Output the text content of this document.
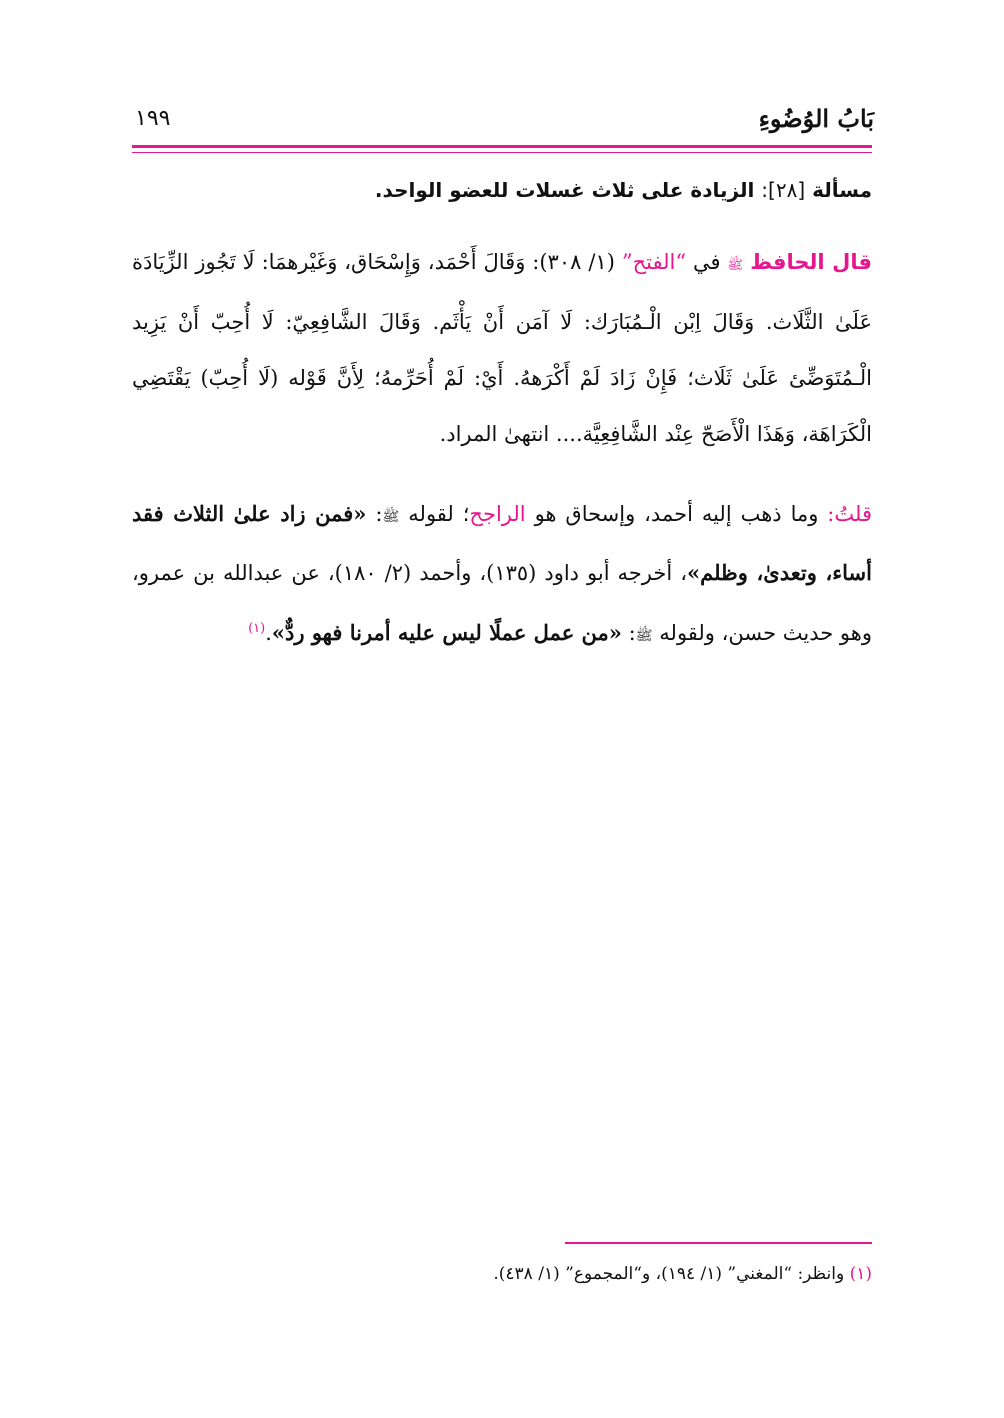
بَابُ الوُضُوءِ
١٩٩
مسألة [٢٨]: الزيادة على ثلاث غسلات للعضو الواحد.
قال الحافظ ﷺ في “الفتح” (١/ ٣٠٨): وَقَالَ أَحْمَد، وَإِسْحَاق، وَغَيْرهمَا: لَا تَجُوز الزِّيَادَة عَلَىٰ الثَّلَاث. وَقَالَ اِبْن الْـمُبَارَك: لَا آمَن أَنْ يَأْثَم. وَقَالَ الشَّافِعِيّ: لَا أُحِبّ أَنْ يَزِيد الْـمُتَوَضِّئ عَلَىٰ ثَلَاث؛ فَإِنْ زَادَ لَمْ أَكْرَههُ. أَيْ: لَمْ أُحَرِّمهُ؛ لِأَنَّ قَوْله (لَا أُحِبّ) يَقْتَضِي الْكَرَاهَة، وَهَذَا الْأَصَحّ عِنْد الشَّافِعِيَّة.... انتهىٰ المراد.
قلتُ: وما ذهب إليه أحمد، وإسحاق هو الراجح؛ لقوله ﷺ: «فمن زاد علىٰ الثلاث فقد أساء، وتعدىٰ، وظلم»، أخرجه أبو داود (١٣٥)، وأحمد (٢/ ١٨٠)، عن عبدالله بن عمرو، وهو حديث حسن، ولقوله ﷺ: «من عمل عملًا ليس عليه أمرنا فهو ردٌّ».$^{(١)}$
(١) وانظر: “المغني” (١/ ١٩٤)، و“المجموع” (١/ ٤٣٨).
